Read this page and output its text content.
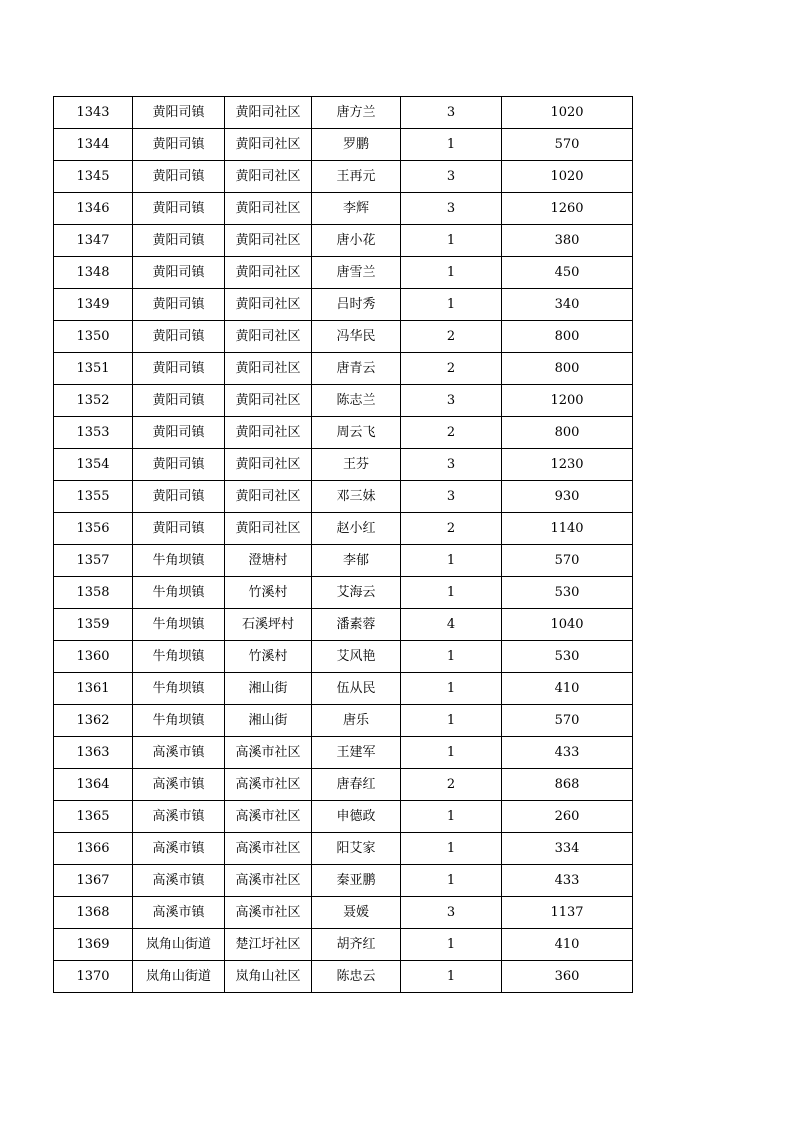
1343	黄阳司镇	黄阳司社区	唐方兰	3	1020
1344	黄阳司镇	黄阳司社区	罗鹏	1	570
1345	黄阳司镇	黄阳司社区	王再元	3	1020
1346	黄阳司镇	黄阳司社区	李辉	3	1260
1347	黄阳司镇	黄阳司社区	唐小花	1	380
1348	黄阳司镇	黄阳司社区	唐雪兰	1	450
1349	黄阳司镇	黄阳司社区	吕时秀	1	340
1350	黄阳司镇	黄阳司社区	冯华民	2	800
1351	黄阳司镇	黄阳司社区	唐青云	2	800
1352	黄阳司镇	黄阳司社区	陈志兰	3	1200
1353	黄阳司镇	黄阳司社区	周云飞	2	800
1354	黄阳司镇	黄阳司社区	王芬	3	1230
1355	黄阳司镇	黄阳司社区	邓三妹	3	930
1356	黄阳司镇	黄阳司社区	赵小红	2	1140
1357	牛角坝镇	澄塘村	李郁	1	570
1358	牛角坝镇	竹溪村	艾海云	1	530
1359	牛角坝镇	石溪坪村	潘素蓉	4	1040
1360	牛角坝镇	竹溪村	艾风艳	1	530
1361	牛角坝镇	湘山街	伍从民	1	410
1362	牛角坝镇	湘山街	唐乐	1	570
1363	高溪市镇	高溪市社区	王建军	1	433
1364	高溪市镇	高溪市社区	唐春红	2	868
1365	高溪市镇	高溪市社区	申德政	1	260
1366	高溪市镇	高溪市社区	阳艾家	1	334
1367	高溪市镇	高溪市社区	秦亚鹏	1	433
1368	高溪市镇	高溪市社区	聂媛	3	1137
1369	岚角山街道	楚江圩社区	胡齐红	1	410
1370	岚角山街道	岚角山社区	陈忠云	1	360
